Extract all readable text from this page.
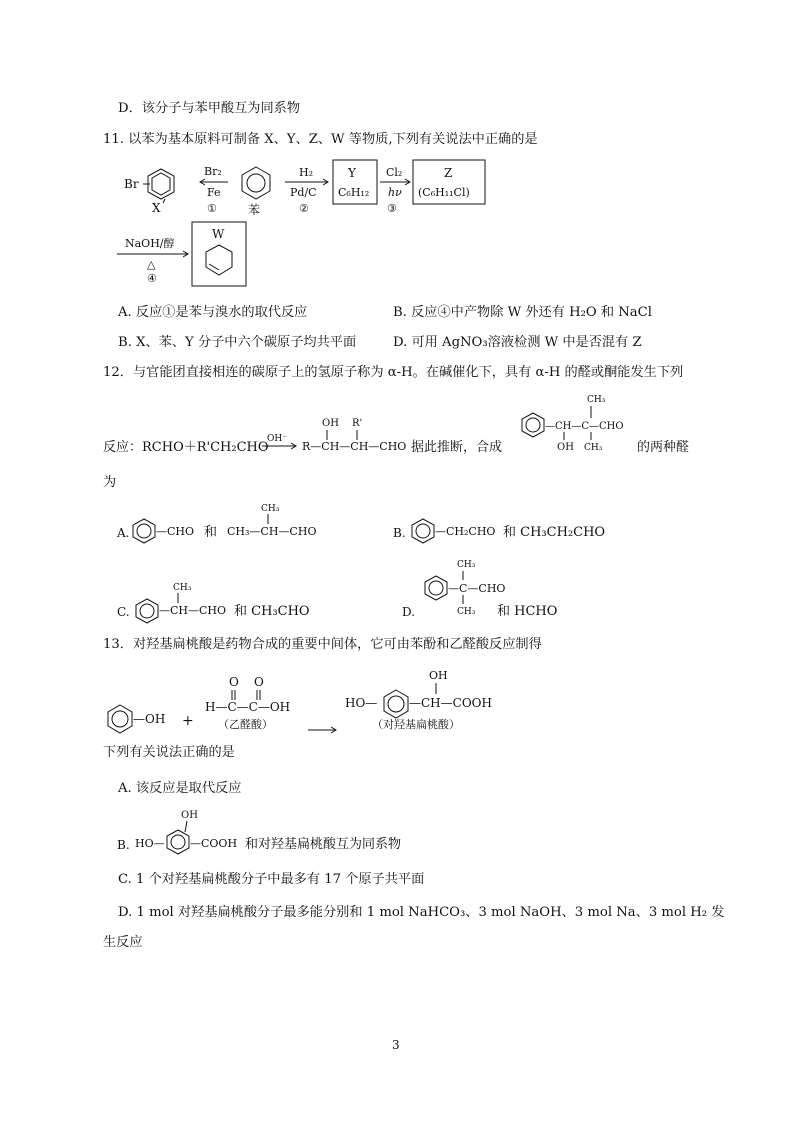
D．该分子与苯甲酸互为同系物
11. 以苯为基本原料可制备 X、Y、Z、W 等物质,下列有关说法中正确的是
Br
X
Br₂
Fe
①	苯
H₂
Pd/C
②
Y
C₆H₁₂
Cl₂
hν
③
Z
(C₆H₁₁Cl)
NaOH/醇
△
④
W
A. 反应①是苯与溴水的取代反应	B. 反应④中产物除 W 外还有 H₂O 和 NaCl
B. X、苯、Y 分子中六个碳原子均共平面	D. 可用 AgNO₃溶液检测 W 中是否混有 Z
12．与官能团直接相连的碳原子上的氢原子称为 α-H。在碱催化下，具有 α-H 的醛或酮能发生下列
反应：RCHO＋R'CH₂CHO
OH⁻
R—CH—CH—CHO
OH R'
据此推断，合成
—CH—C—CHO
CH₃
OH CH₃	的两种醛
为
A. —CHO 和
CH₃
CH₃—CH—CHO	B.	—CH₂CHO 和 CH₃CH₂CHO
C.
CH₃
—CH—CHO 和 CH₃CHO	D.
CH₃
—C—CHO
CH₃ 和 HCHO
13．对羟基扁桃酸是药物合成的重要中间体，它可由苯酚和乙醛酸反应制得
—OH +
O O
H—C—C—OH
（乙醛酸）
HO—
OH
—CH—COOH
（对羟基扁桃酸）
下列有关说法正确的是
A. 该反应是取代反应
B. HO—
OH
—COOH 和对羟基扁桃酸互为同系物
C. 1 个对羟基扁桃酸分子中最多有 17 个原子共平面
D. 1 mol 对羟基扁桃酸分子最多能分别和 1 mol NaHCO₃、3 mol NaOH、3 mol Na、3 mol H₂ 发
生反应
3
